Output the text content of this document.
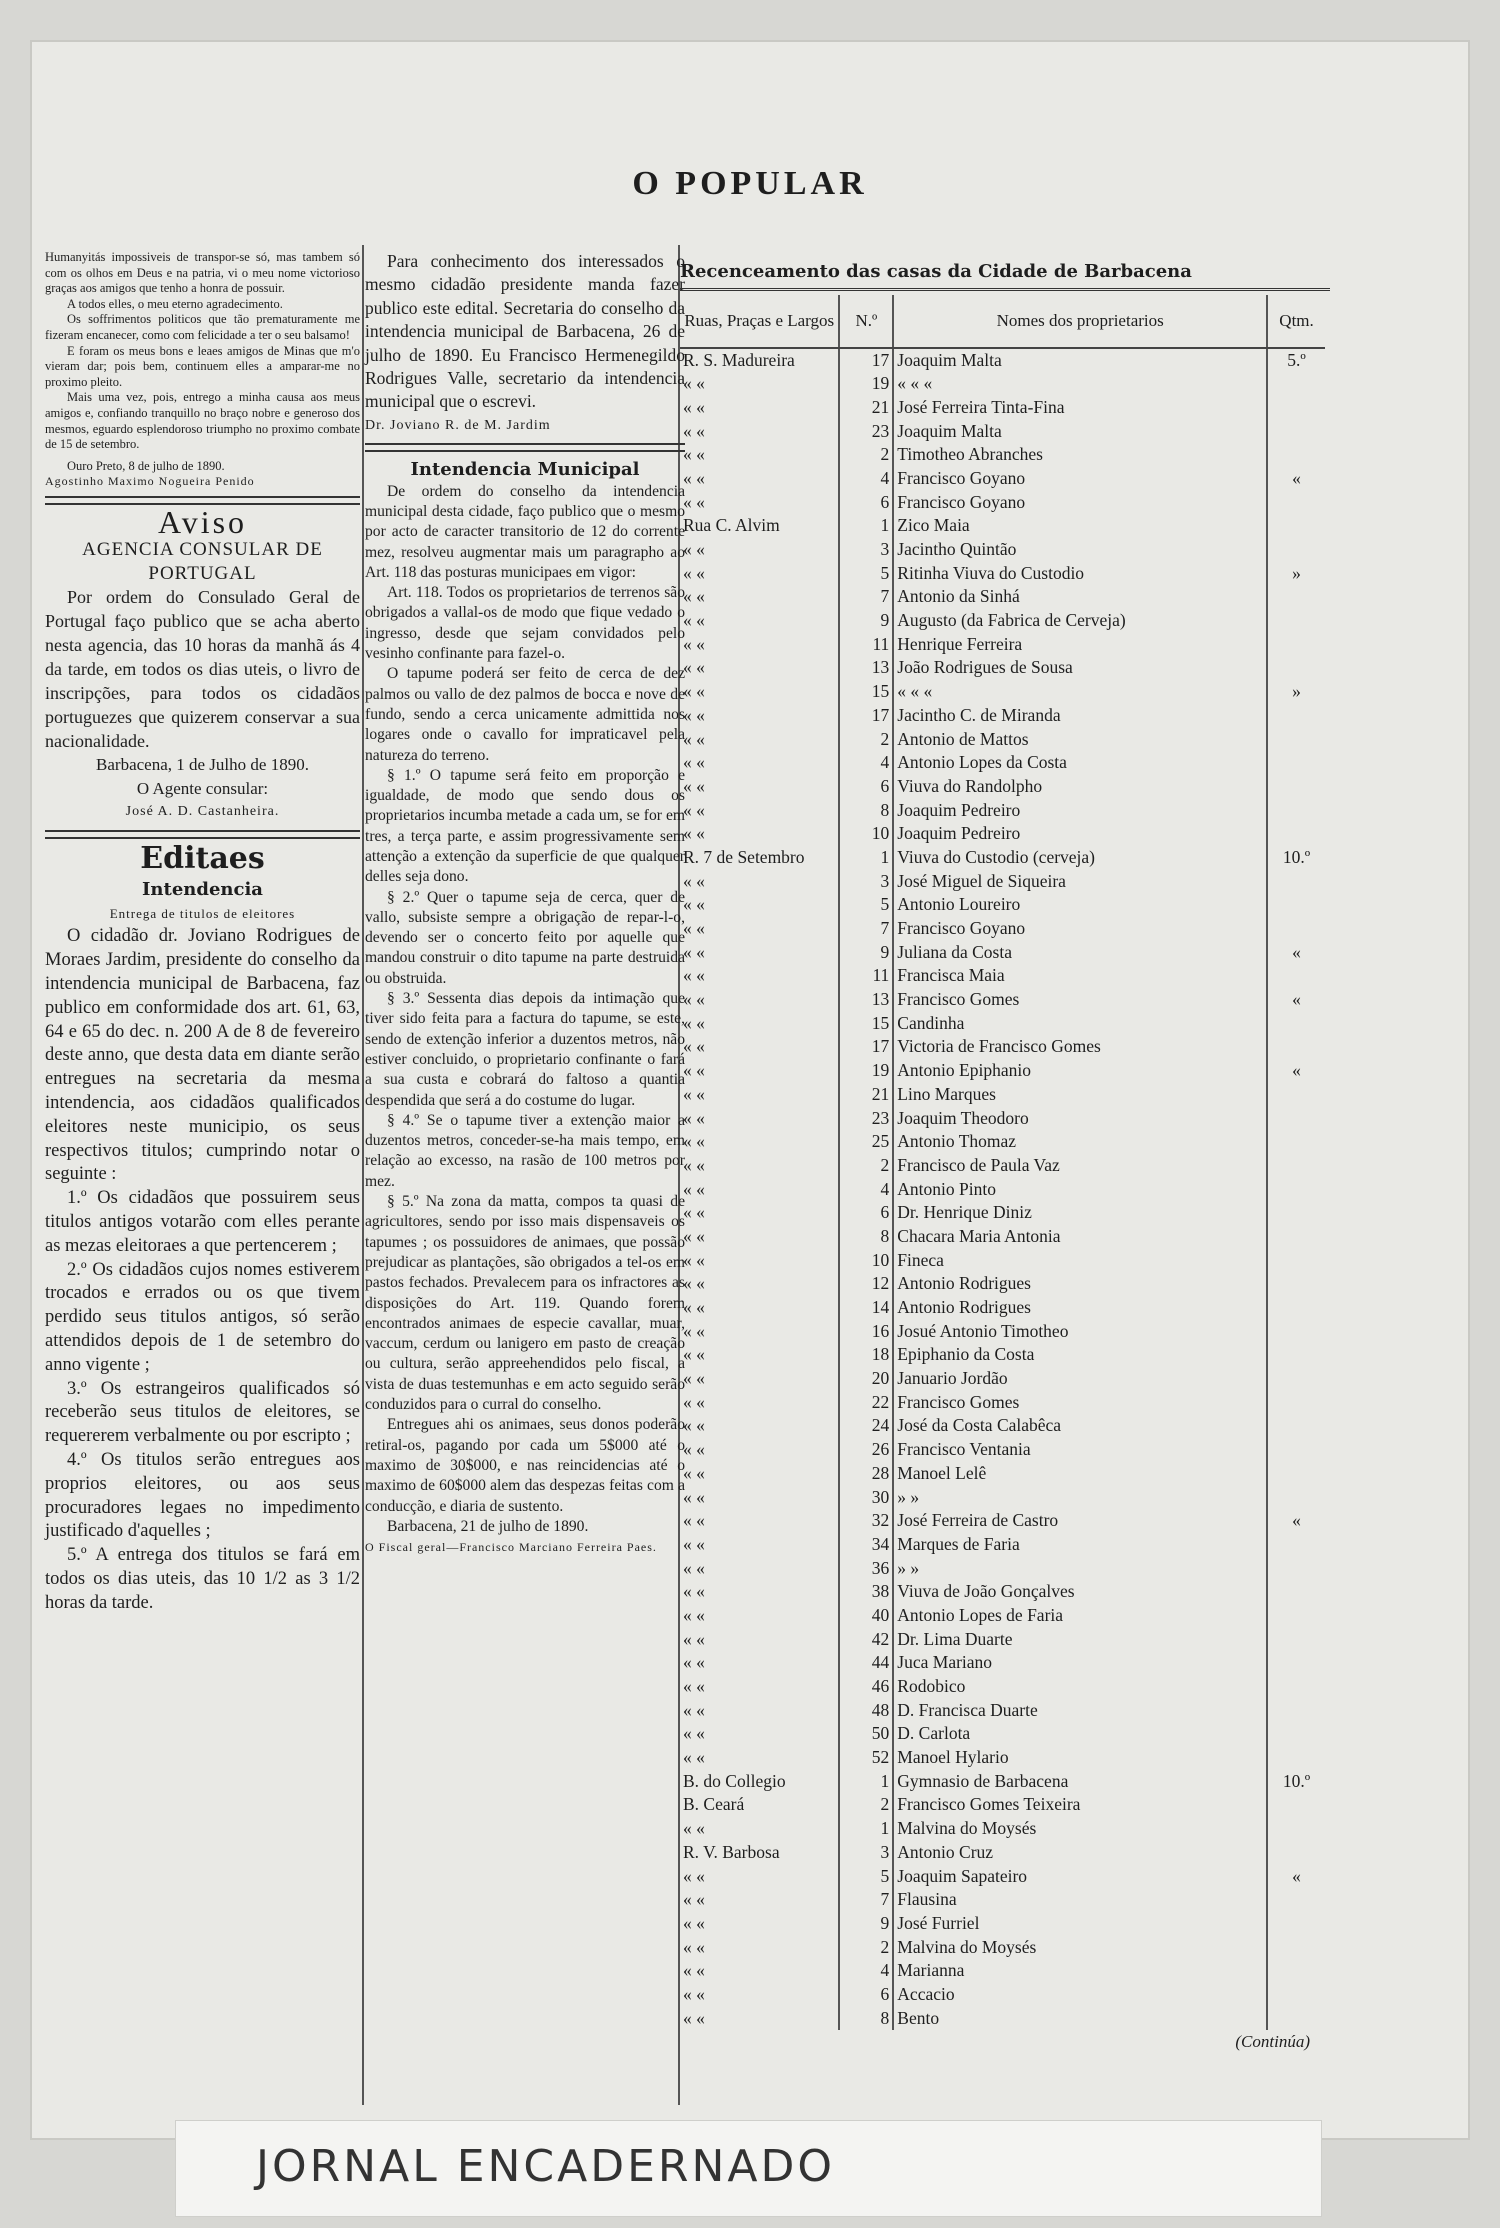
O POPULAR

Humanyitás impossiveis de transpor-se só, mas tambem só com os olhos em Deus e na patria, vi o meu nome victorioso graças aos amigos que tenho a honra de possuir.

A todos elles, o meu eterno agradecimento.

Os soffrimentos politicos que tão prematuramente me fizeram encanecer, como com felicidade a ter o seu balsamo!

E foram os meus bons e leaes amigos de Minas que m'o vieram dar; pois bem, continuem elles a amparar-me no proximo pleito.

Mais uma vez, pois, entrego a minha causa aos meus amigos e, confiando tranquillo no braço nobre e generoso dos mesmos, eguardo esplendoroso triumpho no proximo combate de 15 de setembro.

Ouro Preto, 8 de julho de 1890.

Agostinho Maximo Nogueira Penido

Aviso
AGENCIA CONSULAR DE PORTUGAL

Por ordem do Consulado Geral de Portugal faço publico que se acha aberto nesta agencia, das 10 horas da manhã ás 4 da tarde, em todos os dias uteis, o livro de inscripções, para todos os cidadãos portuguezes que quizerem conservar a sua nacionalidade.

Barbacena, 1 de Julho de 1890.

O Agente consular:

José A. D. Castanheira.

Editaes
Intendencia

Entrega de titulos de eleitores

O cidadão dr. Joviano Rodrigues de Moraes Jardim, presidente do conselho da intendencia municipal de Barbacena, faz publico em conformidade dos art. 61, 63, 64 e 65 do dec. n. 200 A de 8 de fevereiro deste anno, que desta data em diante serão entregues na secretaria da mesma intendencia, aos cidadãos qualificados eleitores neste municipio, os seus respectivos titulos; cumprindo notar o seguinte :

1.º Os cidadãos que possuirem seus titulos antigos votarão com elles perante as mezas eleitoraes a que pertencerem ;

2.º Os cidadãos cujos nomes estiverem trocados e errados ou os que tivem perdido seus titulos antigos, só serão attendidos depois de 1 de setembro do anno vigente ;

3.º Os estrangeiros qualificados só receberão seus titulos de eleitores, se requererem verbalmente ou por escripto ;

4.º Os titulos serão entregues aos proprios eleitores, ou aos seus procuradores legaes no impedimento justificado d'aquelles ;

5.º A entrega dos titulos se fará em todos os dias uteis, das 10 1/2 as 3 1/2 horas da tarde.

Para conhecimento dos interessados o mesmo cidadão presidente manda fazer publico este edital. Secretaria do conselho da intendencia municipal de Barbacena, 26 de julho de 1890. Eu Francisco Hermenegildo Rodrigues Valle, secretario da intendencia municipal que o escrevi.

Dr. Joviano R. de M. Jardim

Intendencia Municipal

De ordem do conselho da intendencia municipal desta cidade, faço publico que o mesmo por acto de caracter transitorio de 12 do corrente mez, resolveu augmentar mais um paragrapho ao Art. 118 das posturas municipaes em vigor:

Art. 118. Todos os proprietarios de terrenos são obrigados a vallal-os de modo que fique vedado o ingresso, desde que sejam convidados pelo vesinho confinante para fazel-o.

O tapume poderá ser feito de cerca de dez palmos ou vallo de dez palmos de bocca e nove de fundo, sendo a cerca unicamente admittida nos logares onde o cavallo for impraticavel pela natureza do terreno.

§ 1.º O tapume será feito em proporção e igualdade, de modo que sendo dous os proprietarios incumba metade a cada um, se for em tres, a terça parte, e assim progressivamente sem attenção a extenção da superficie de que qualquer delles seja dono.

§ 2.º Quer o tapume seja de cerca, quer de vallo, subsiste sempre a obrigação de repar-l-o, devendo ser o concerto feito por aquelle que mandou construir o dito tapume na parte destruida ou obstruida.

§ 3.º Sessenta dias depois da intimação que tiver sido feita para a factura do tapume, se este, sendo de extenção inferior a duzentos metros, não estiver concluido, o proprietario confinante o fará a sua custa e cobrará do faltoso a quantia despendida que será a do costume do lugar.

§ 4.º Se o tapume tiver a extenção maior a duzentos metros, conceder-se-ha mais tempo, em relação ao excesso, na rasão de 100 metros por mez.

§ 5.º Na zona da matta, compos ta quasi de agricultores, sendo por isso mais dispensaveis os tapumes ; os possuidores de animaes, que possão prejudicar as plantações, são obrigados a tel-os em pastos fechados. Prevalecem para os infractores as disposições do Art. 119. Quando forem encontrados animaes de especie cavallar, muar, vaccum, cerdum ou lanigero em pasto de creação ou cultura, serão appreehendidos pelo fiscal, a vista de duas testemunhas e em acto seguido serão conduzidos para o curral do conselho.

Entregues ahi os animaes, seus donos poderão retiral-os, pagando por cada um 5$000 até o maximo de 30$000, e nas reincidencias até o maximo de 60$000 alem das despezas feitas com a conducção, e diaria de sustento.

Barbacena, 21 de julho de 1890.

O Fiscal geral—Francisco Marciano Ferreira Paes.

Recenceamento das casas da Cidade de Barbacena
Ruas, Praças e Largos	N.º	Nomes dos proprietarios	Qtm.
R. S. Madureira	17	Joaquim Malta	5.º
« «	19	« « «	
« «	21	José Ferreira Tinta-Fina	
« «	23	Joaquim Malta	
« «	2	Timotheo Abranches	
« «	4	Francisco Goyano	«
« «	6	Francisco Goyano	
Rua C. Alvim	1	Zico Maia	
« «	3	Jacintho Quintão	
« «	5	Ritinha Viuva do Custodio	»
« «	7	Antonio da Sinhá	
« «	9	Augusto (da Fabrica de Cerveja)	
« «	11	Henrique Ferreira	
« «	13	João Rodrigues de Sousa	
« «	15	« « «	»
« «	17	Jacintho C. de Miranda	
« «	2	Antonio de Mattos	
« «	4	Antonio Lopes da Costa	
« «	6	Viuva do Randolpho	
« «	8	Joaquim Pedreiro	
« «	10	Joaquim Pedreiro	
R. 7 de Setembro	1	Viuva do Custodio (cerveja)	10.º
« «	3	José Miguel de Siqueira	
« «	5	Antonio Loureiro	
« «	7	Francisco Goyano	
« «	9	Juliana da Costa	«
« «	11	Francisca Maia	
« «	13	Francisco Gomes	«
« «	15	Candinha	
« «	17	Victoria de Francisco Gomes	
« «	19	Antonio Epiphanio	«
« «	21	Lino Marques	
« «	23	Joaquim Theodoro	
« «	25	Antonio Thomaz	
« «	2	Francisco de Paula Vaz	
« «	4	Antonio Pinto	
« «	6	Dr. Henrique Diniz	
« «	8	Chacara Maria Antonia	
« «	10	Fineca	
« «	12	Antonio Rodrigues	
« «	14	Antonio Rodrigues	
« «	16	Josué Antonio Timotheo	
« «	18	Epiphanio da Costa	
« «	20	Januario Jordão	
« «	22	Francisco Gomes	
« «	24	José da Costa Calabêca	
« «	26	Francisco Ventania	
« «	28	Manoel Lelê	
« «	30	» »	
« «	32	José Ferreira de Castro	«
« «	34	Marques de Faria	
« «	36	» »	
« «	38	Viuva de João Gonçalves	
« «	40	Antonio Lopes de Faria	
« «	42	Dr. Lima Duarte	
« «	44	Juca Mariano	
« «	46	Rodobico	
« «	48	D. Francisca Duarte	
« «	50	D. Carlota	
« «	52	Manoel Hylario	
B. do Collegio	1	Gymnasio de Barbacena	10.º
B. Ceará	2	Francisco Gomes Teixeira	
« «	1	Malvina do Moysés	
R. V. Barbosa	3	Antonio Cruz	
« «	5	Joaquim Sapateiro	«
« «	7	Flausina	
« «	9	José Furriel	
« «	2	Malvina do Moysés	
« «	4	Marianna	
« «	6	Accacio	
« «	8	Bento	
(Continúa)
JORNAL ENCADERNADO
